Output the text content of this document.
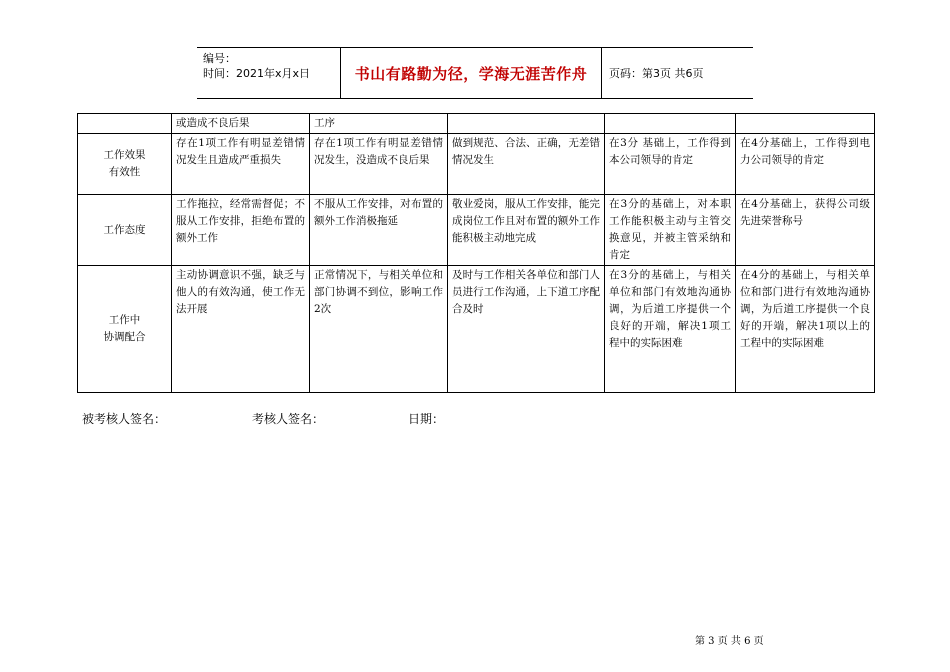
编号：
时间：2021年x月x日	书山有路勤为径，学海无涯苦作舟	页码：第3页 共6页
	或造成不良后果	工序			
工作效果
有效性	存在1项工作有明显差错情况发生且造成严重损失	存在1项工作有明显差错情况发生，没造成不良后果	做到规范、合法、正确，无差错情况发生	在3分 基础上，工作得到本公司领导的肯定	在4分基础上，工作得到电力公司领导的肯定
工作态度	工作拖拉，经常需督促；不服从工作安排，拒绝布置的额外工作	不服从工作安排，对布置的额外工作消极拖延	敬业爱岗，服从工作安排，能完成岗位工作且对布置的额外工作能积极主动地完成	在3分的基础上，对本职工作能积极主动与主管交换意见，并被主管采纳和肯定	在4分基础上，获得公司级先进荣誉称号
工作中
协调配合	主动协调意识不强，缺乏与他人的有效沟通，使工作无法开展	正常情况下，与相关单位和部门协调不到位，影响工作2次	及时与工作相关各单位和部门人员进行工作沟通，上下道工序配合及时	在3分的基础上，与相关单位和部门有效地沟通协调，为后道工序提供一个良好的开端，解决1项工程中的实际困难	在4分的基础上，与相关单位和部门进行有效地沟通协调，为后道工序提供一个良好的开端，解决1项以上的工程中的实际困难
被考核人签名：	考核人签名：	日期：
第 3 页 共 6 页
